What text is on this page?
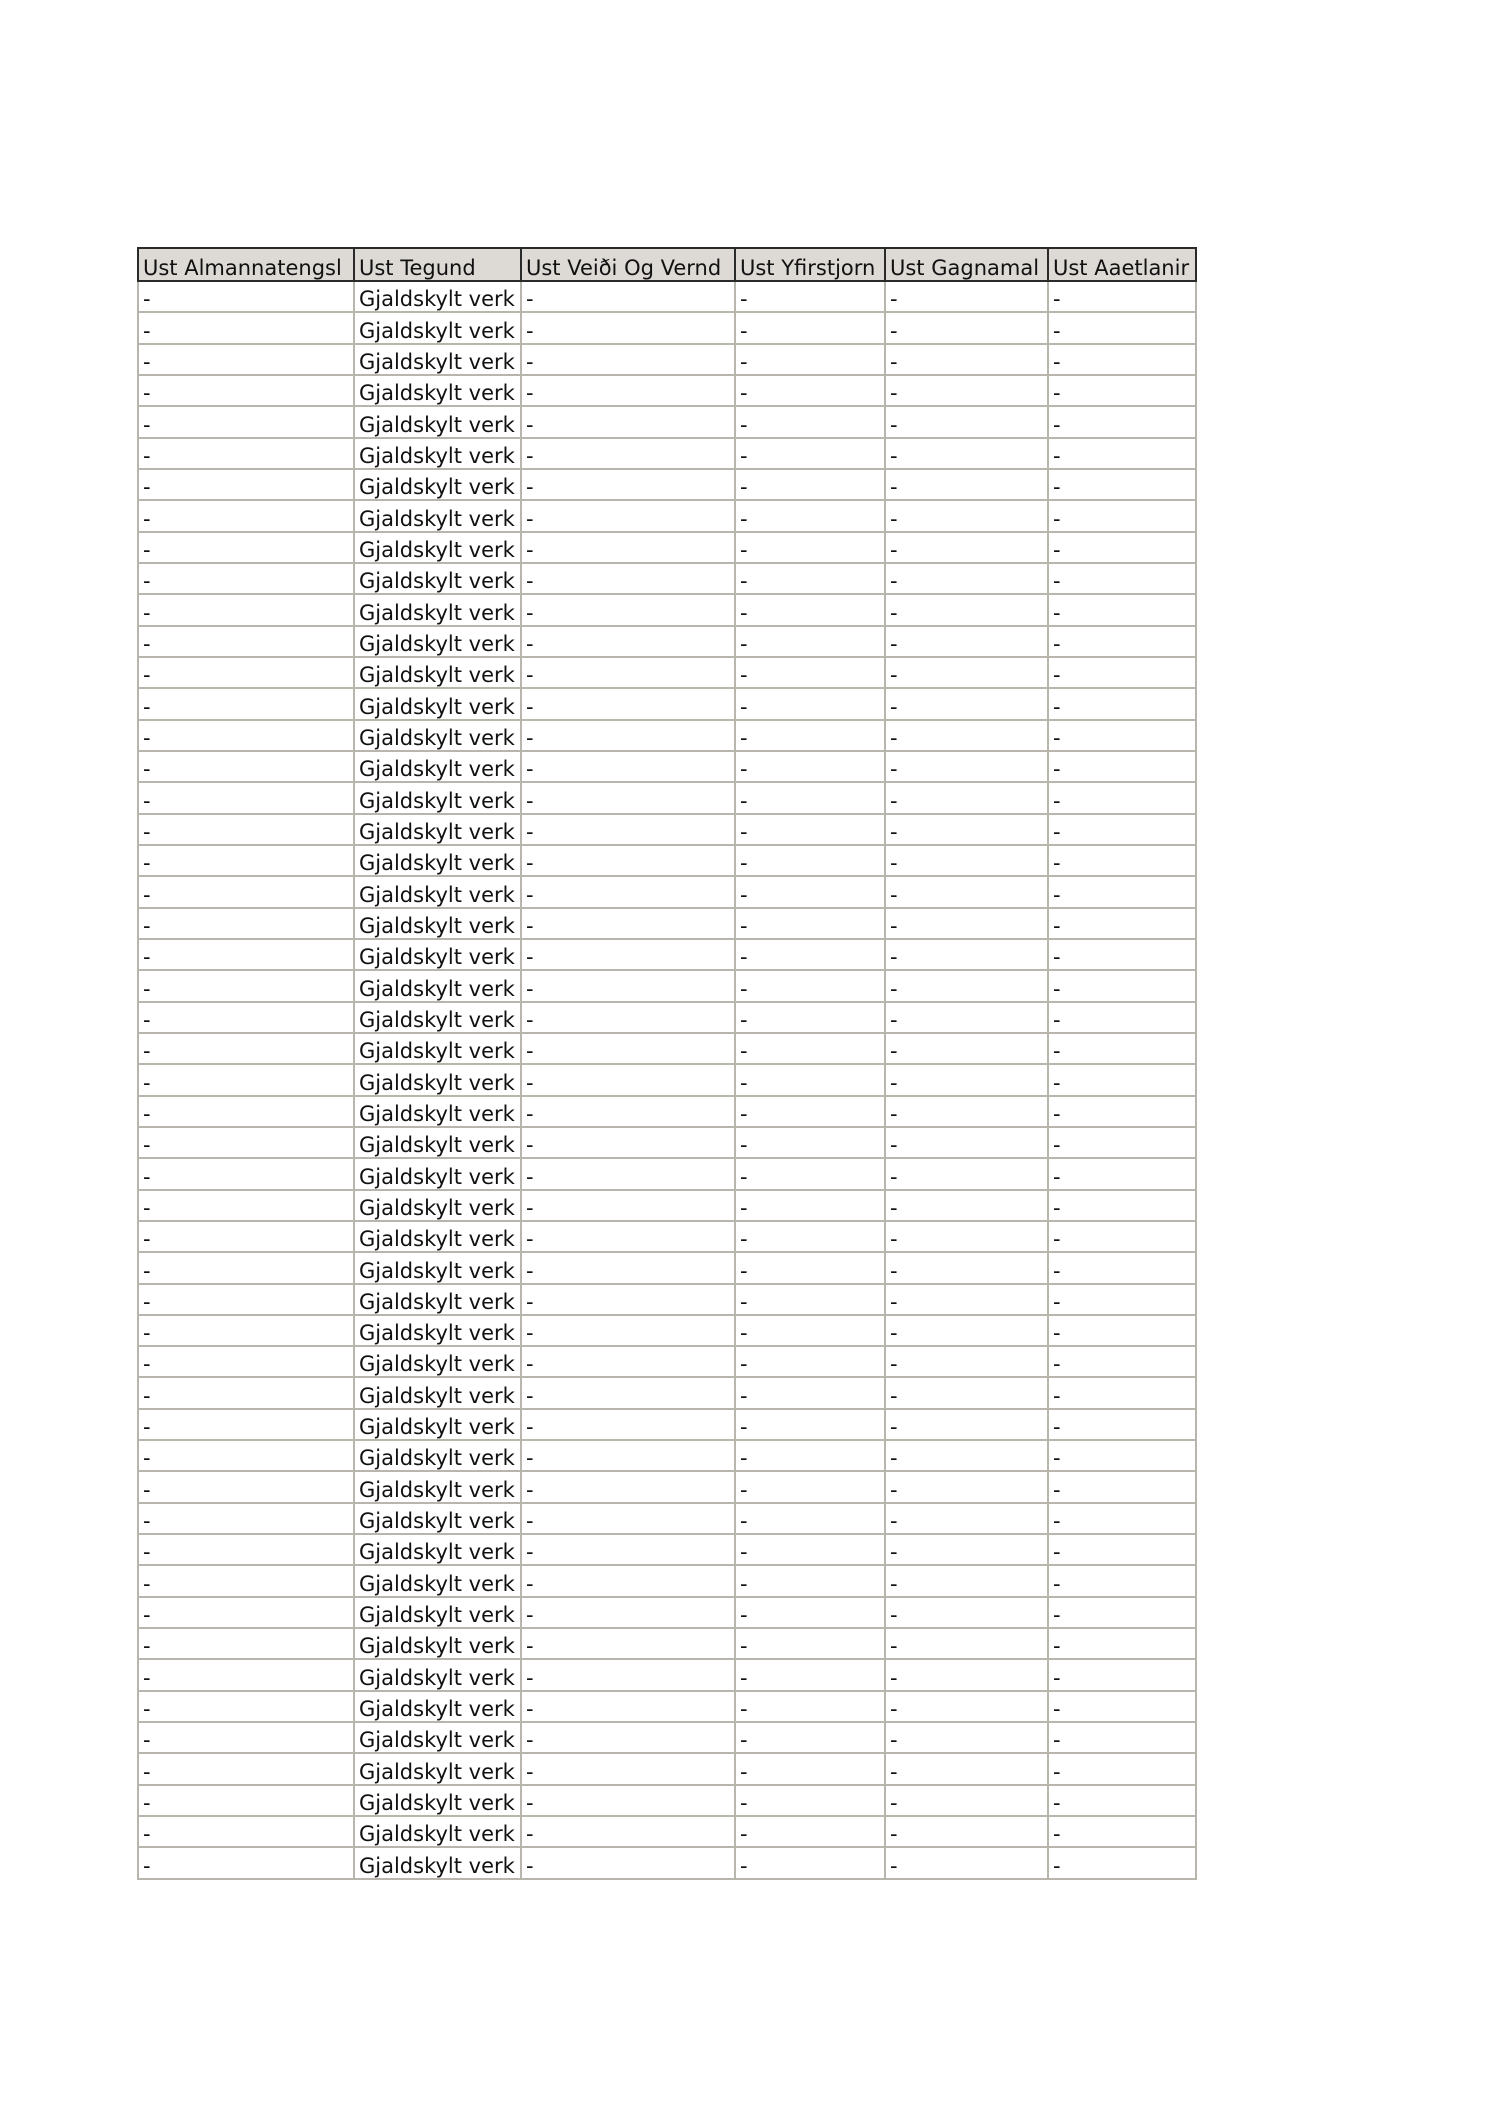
Ust Almannatengsl	Ust Tegund	Ust Veiði Og Vernd	Ust Yfirstjorn	Ust Gagnamal	Ust Aaetlanir
-	Gjaldskylt verk	-	-	-	-
-	Gjaldskylt verk	-	-	-	-
-	Gjaldskylt verk	-	-	-	-
-	Gjaldskylt verk	-	-	-	-
-	Gjaldskylt verk	-	-	-	-
-	Gjaldskylt verk	-	-	-	-
-	Gjaldskylt verk	-	-	-	-
-	Gjaldskylt verk	-	-	-	-
-	Gjaldskylt verk	-	-	-	-
-	Gjaldskylt verk	-	-	-	-
-	Gjaldskylt verk	-	-	-	-
-	Gjaldskylt verk	-	-	-	-
-	Gjaldskylt verk	-	-	-	-
-	Gjaldskylt verk	-	-	-	-
-	Gjaldskylt verk	-	-	-	-
-	Gjaldskylt verk	-	-	-	-
-	Gjaldskylt verk	-	-	-	-
-	Gjaldskylt verk	-	-	-	-
-	Gjaldskylt verk	-	-	-	-
-	Gjaldskylt verk	-	-	-	-
-	Gjaldskylt verk	-	-	-	-
-	Gjaldskylt verk	-	-	-	-
-	Gjaldskylt verk	-	-	-	-
-	Gjaldskylt verk	-	-	-	-
-	Gjaldskylt verk	-	-	-	-
-	Gjaldskylt verk	-	-	-	-
-	Gjaldskylt verk	-	-	-	-
-	Gjaldskylt verk	-	-	-	-
-	Gjaldskylt verk	-	-	-	-
-	Gjaldskylt verk	-	-	-	-
-	Gjaldskylt verk	-	-	-	-
-	Gjaldskylt verk	-	-	-	-
-	Gjaldskylt verk	-	-	-	-
-	Gjaldskylt verk	-	-	-	-
-	Gjaldskylt verk	-	-	-	-
-	Gjaldskylt verk	-	-	-	-
-	Gjaldskylt verk	-	-	-	-
-	Gjaldskylt verk	-	-	-	-
-	Gjaldskylt verk	-	-	-	-
-	Gjaldskylt verk	-	-	-	-
-	Gjaldskylt verk	-	-	-	-
-	Gjaldskylt verk	-	-	-	-
-	Gjaldskylt verk	-	-	-	-
-	Gjaldskylt verk	-	-	-	-
-	Gjaldskylt verk	-	-	-	-
-	Gjaldskylt verk	-	-	-	-
-	Gjaldskylt verk	-	-	-	-
-	Gjaldskylt verk	-	-	-	-
-	Gjaldskylt verk	-	-	-	-
-	Gjaldskylt verk	-	-	-	-
-	Gjaldskylt verk	-	-	-	-
